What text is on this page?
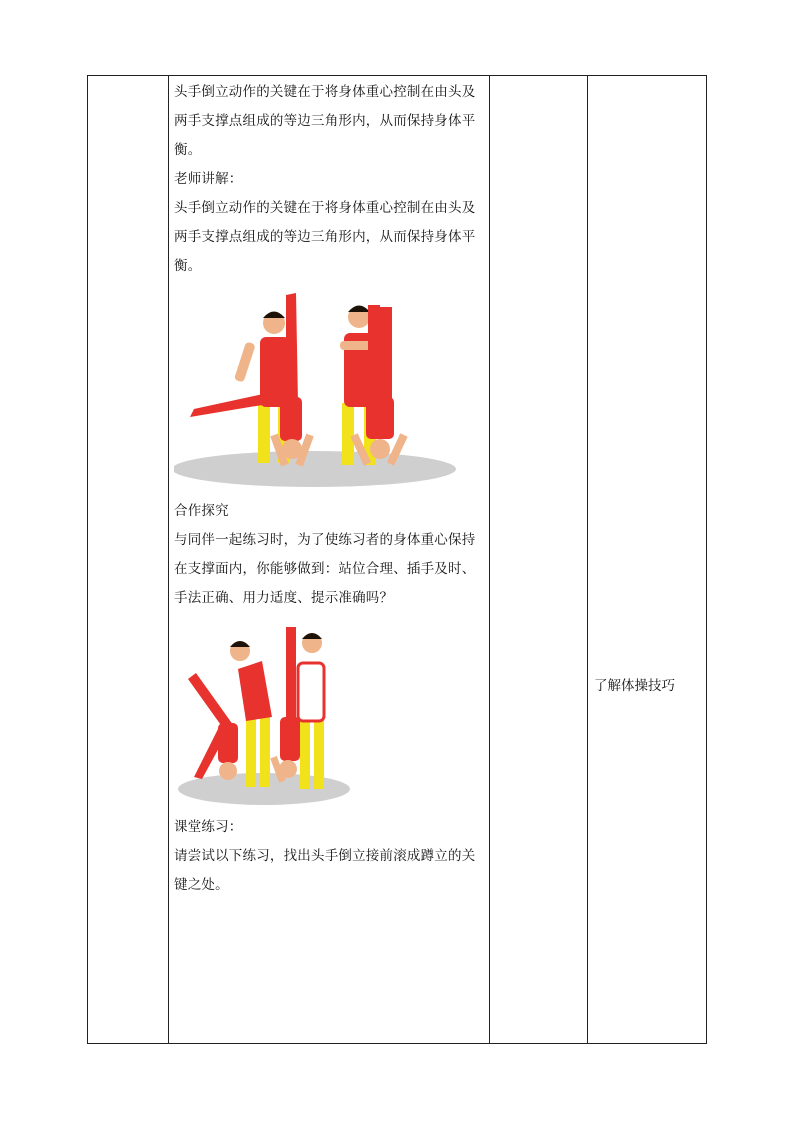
头手倒立动作的关键在于将身体重心控制在由头及两手支撑点组成的等边三角形内，从而保持身体平衡。

老师讲解：

头手倒立动作的关键在于将身体重心控制在由头及两手支撑点组成的等边三角形内，从而保持身体平衡。

合作探究

与同伴一起练习时，为了使练习者的身体重心保持在支撑面内，你能够做到：站位合理、插手及时、手法正确、用力适度、提示准确吗？

课堂练习：

请尝试以下练习，找出头手倒立接前滚成蹲立的关键之处。

了解体操技巧
